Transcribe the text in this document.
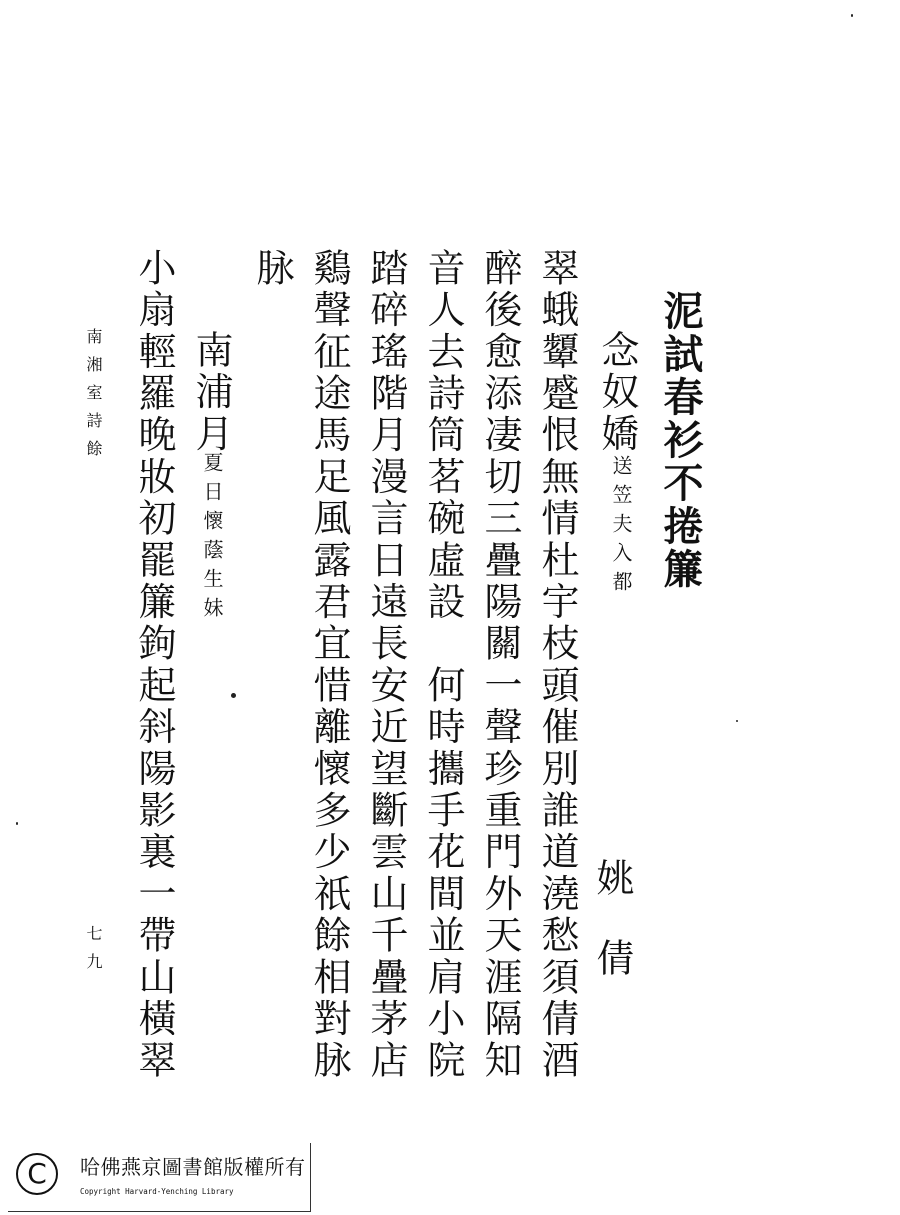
泥試春衫不捲簾
念奴嬌
送笠夫入都
姚
倩
翠蛾顰蹙恨無情杜宇枝頭催別誰道澆愁須倩酒
醉後愈添凄切三疊陽關一聲珍重門外天涯隔知
音人去詩筒茗碗虛設　何時攜手花間並肩小院
踏碎瑤階月漫言日遠長安近望斷雲山千疊茅店
鷄聲征途馬足風露君宜惜離懷多少祇餘相對脉
脉
南浦月
夏日懷蔭生妹
小扇輕羅晚妝初罷簾鉤起斜陽影裏一帶山橫翠
南湘室詩餘
七九
C	哈佛燕京圖書館版權所有
Copyright Harvard-Yenching Library
